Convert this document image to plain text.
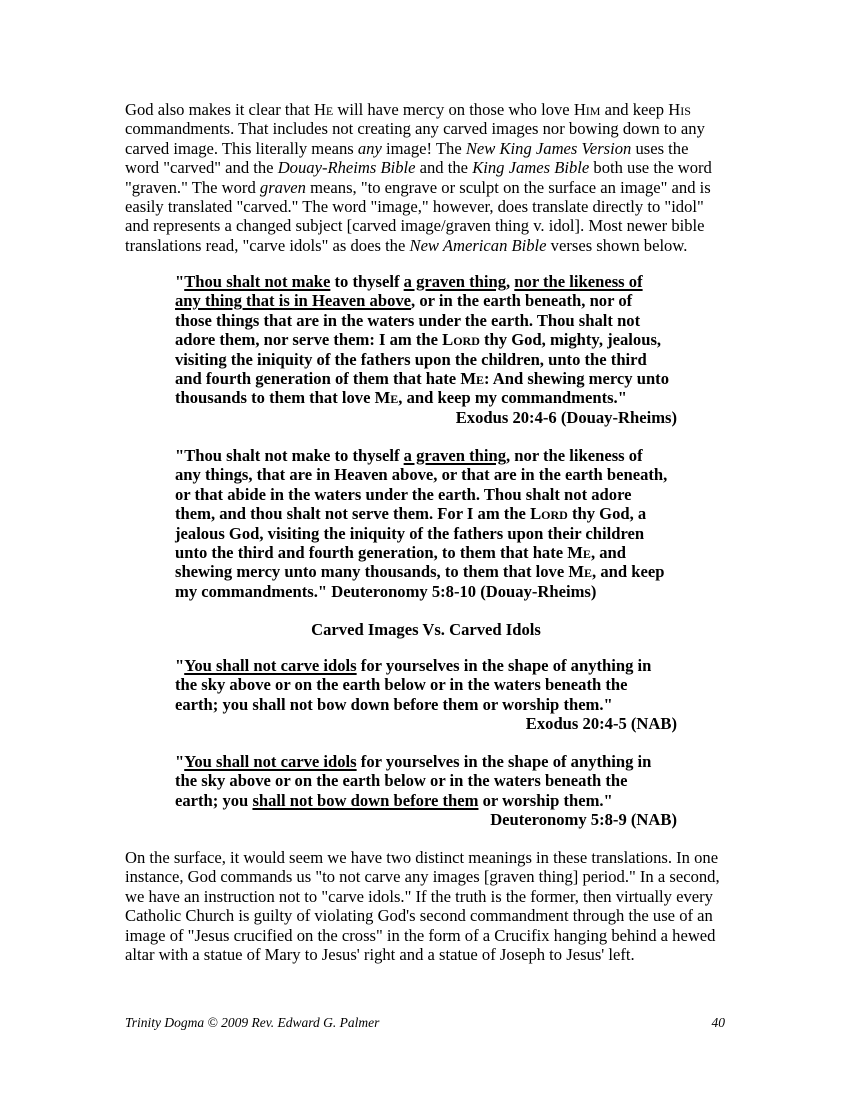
God also makes it clear that He will have mercy on those who love Him and keep His
commandments. That includes not creating any carved images nor bowing down to any
carved image. This literally means any image! The New King James Version uses the
word "carved" and the Douay-Rheims Bible and the King James Bible both use the word
"graven." The word graven means, "to engrave or sculpt on the surface an image" and is
easily translated "carved." The word "image," however, does translate directly to "idol"
and represents a changed subject [carved image/graven thing v. idol]. Most newer bible
translations read, "carve idols" as does the New American Bible verses shown below.
"Thou shalt not make to thyself a graven thing, nor the likeness of
any thing that is in Heaven above, or in the earth beneath, nor of
those things that are in the waters under the earth. Thou shalt not
adore them, nor serve them: I am the Lord thy God, mighty, jealous,
visiting the iniquity of the fathers upon the children, unto the third
and fourth generation of them that hate Me: And shewing mercy unto
thousands to them that love Me, and keep my commandments."
Exodus 20:4-6 (Douay-Rheims)
"Thou shalt not make to thyself a graven thing, nor the likeness of
any things, that are in Heaven above, or that are in the earth beneath,
or that abide in the waters under the earth. Thou shalt not adore
them, and thou shalt not serve them. For I am the Lord thy God, a
jealous God, visiting the iniquity of the fathers upon their children
unto the third and fourth generation, to them that hate Me, and
shewing mercy unto many thousands, to them that love Me, and keep
my commandments." Deuteronomy 5:8-10 (Douay-Rheims)
Carved Images Vs. Carved Idols
"You shall not carve idols for yourselves in the shape of anything in
the sky above or on the earth below or in the waters beneath the
earth; you shall not bow down before them or worship them."
Exodus 20:4-5 (NAB)
"You shall not carve idols for yourselves in the shape of anything in
the sky above or on the earth below or in the waters beneath the
earth; you shall not bow down before them or worship them."
Deuteronomy 5:8-9 (NAB)
On the surface, it would seem we have two distinct meanings in these translations. In one
instance, God commands us "to not carve any images [graven thing] period." In a second,
we have an instruction not to "carve idols." If the truth is the former, then virtually every
Catholic Church is guilty of violating God's second commandment through the use of an
image of "Jesus crucified on the cross" in the form of a Crucifix hanging behind a hewed
altar with a statue of Mary to Jesus' right and a statue of Joseph to Jesus' left.
Trinity Dogma © 2009 Rev. Edward G. Palmer	40
